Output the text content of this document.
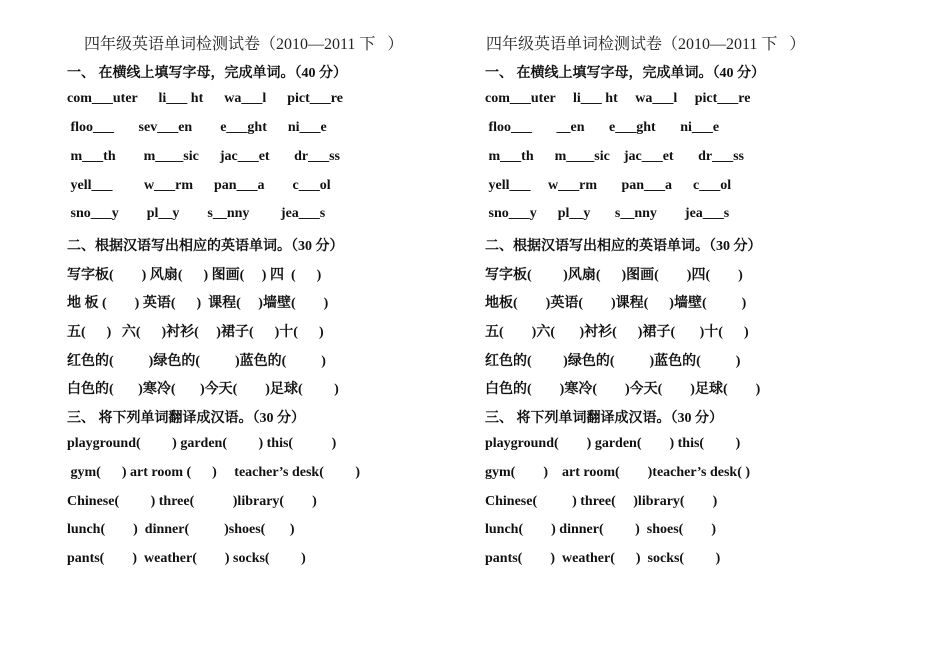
四年级英语单词检测试卷（2010—2011 下   ）
一、 在横线上填写字母，完成单词。（40 分）
com___uter      li___ ht      wa___l      pict___re
floo___       sev___en        e___ght      ni___e
m___th        m____sic      jac___et       dr___ss
yell___         w___rm      pan___a        c___ol
sno___y        pl__y        s__nny         jea___s
二、根据汉语写出相应的英语单词。（30 分）
写字板(        ) 风扇(      ) 图画(     ) 四  (      )
地 板 (        ) 英语(      )  课程(     )墙壁(        )
五(      )   六(      )衬衫(     )裙子(      )十(      )
红色的(          )绿色的(          )蓝色的(          )
白色的(       )寒冷(       )今天(        )足球(         )
三、 将下列单词翻译成汉语。（30 分）
playground(         ) garden(         ) this(           )
gym(      ) art room (      )     teacher’s desk(         )
Chinese(         ) three(           )library(        )
lunch(        )  dinner(          )shoes(       )
pants(        )  weather(        ) socks(         )
四年级英语单词检测试卷（2010—2011 下   ）
一、 在横线上填写字母，完成单词。（40 分）
com___uter     li___ ht     wa___l     pict___re
floo___       __en       e___ght       ni___e
m___th      m____sic    jac___et       dr___ss
yell___     w___rm       pan___a      c___ol
sno___y      pl__y       s__nny        jea___s
二、根据汉语写出相应的英语单词。（30 分）
写字板(         )风扇(      )图画(        )四(        )
地板(        )英语(        )课程(      )墙壁(          )
五(        )六(       )衬衫(      )裙子(       )十(      )
红色的(         )绿色的(          )蓝色的(          )
白色的(        )寒冷(        )今天(        )足球(        )
三、 将下列单词翻译成汉语。（30 分）
playground(        ) garden(        ) this(         )
gym(        )    art room(        )teacher’s desk( )
Chinese(          ) three(     )library(        )
lunch(        ) dinner(         )  shoes(        )
pants(        )  weather(      )  socks(         )
